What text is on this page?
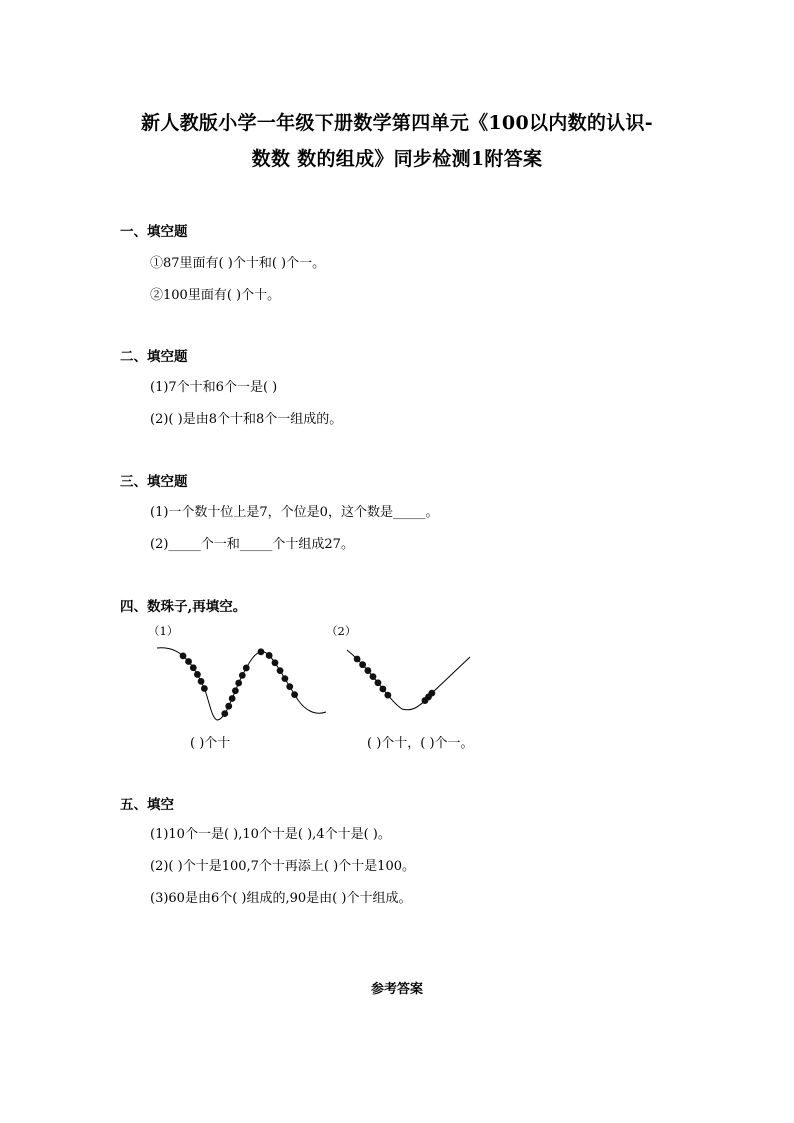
新人教版小学一年级下册数学第四单元《100以内数的认识-
数数 数的组成》同步检测1附答案
一、填空题
①87里面有( )个十和( )个一。
②100里面有( )个十。
二、填空题
(1)7个十和6个一是( )
(2)( )是由8个十和8个一组成的。
三、填空题
(1)一个数十位上是7，个位是0，这个数是_____。
(2)_____个一和_____个十组成27。
四、数珠子,再填空。
（1）	（2）
( )个十	( )个十，( )个一。
五、填空
(1)10个一是( ),10个十是( ),4个十是( )。
(2)( )个十是100,7个十再添上( )个十是100。
(3)60是由6个( )组成的,90是由( )个十组成。
参考答案
